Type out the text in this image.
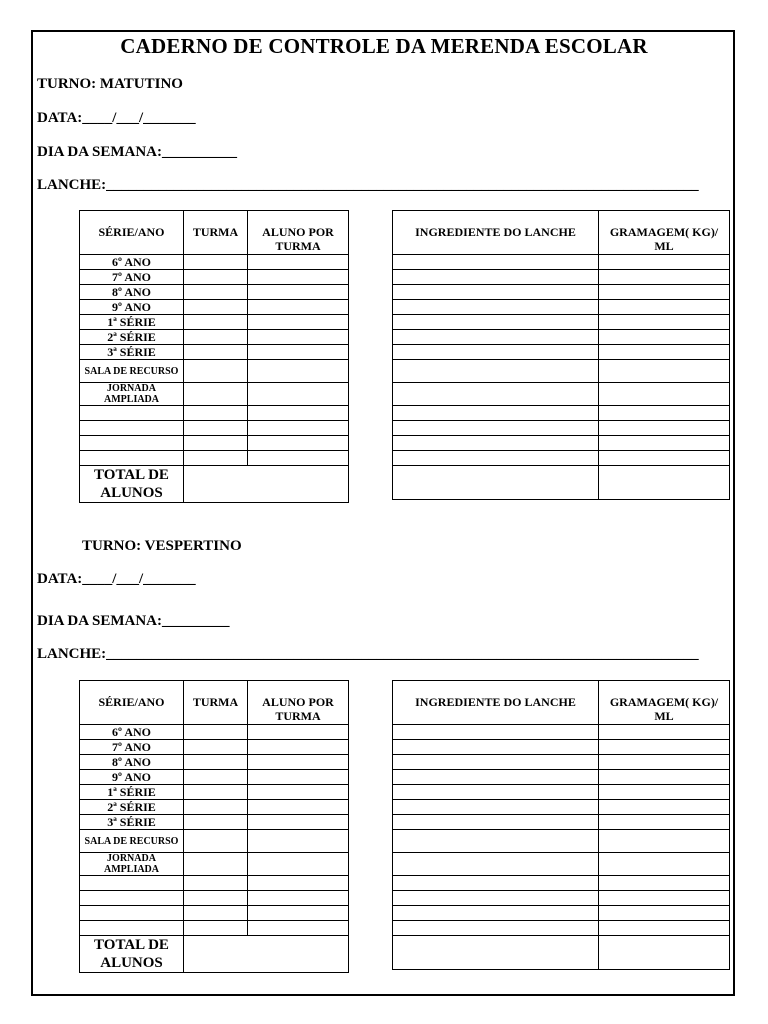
CADERNO DE CONTROLE DA MERENDA ESCOLAR
TURNO: MATUTINO
DATA:____/___/_______
DIA DA SEMANA:__________
LANCHE:_______________________________________________________________________________
SÉRIE/ANO	TURMA	ALUNO POR TURMA
6º ANO		
7º ANO		
8º ANO		
9º ANO		
1ª SÉRIE		
2ª SÉRIE		
3ª SÉRIE		
SALA DE RECURSO		
JORNADA AMPLIADA		

TOTAL DE ALUNOS		
INGREDIENTE DO LANCHE	GRAMAGEM( KG)/ ML

TURNO: VESPERTINO
DATA:____/___/_______
DIA DA SEMANA:_________
LANCHE:_______________________________________________________________________________
SÉRIE/ANO	TURMA	ALUNO POR TURMA
6º ANO		
7º ANO		
8º ANO		
9º ANO		
1ª SÉRIE		
2ª SÉRIE		
3ª SÉRIE		
SALA DE RECURSO		
JORNADA AMPLIADA		

TOTAL DE ALUNOS		
INGREDIENTE DO LANCHE	GRAMAGEM( KG)/ ML
